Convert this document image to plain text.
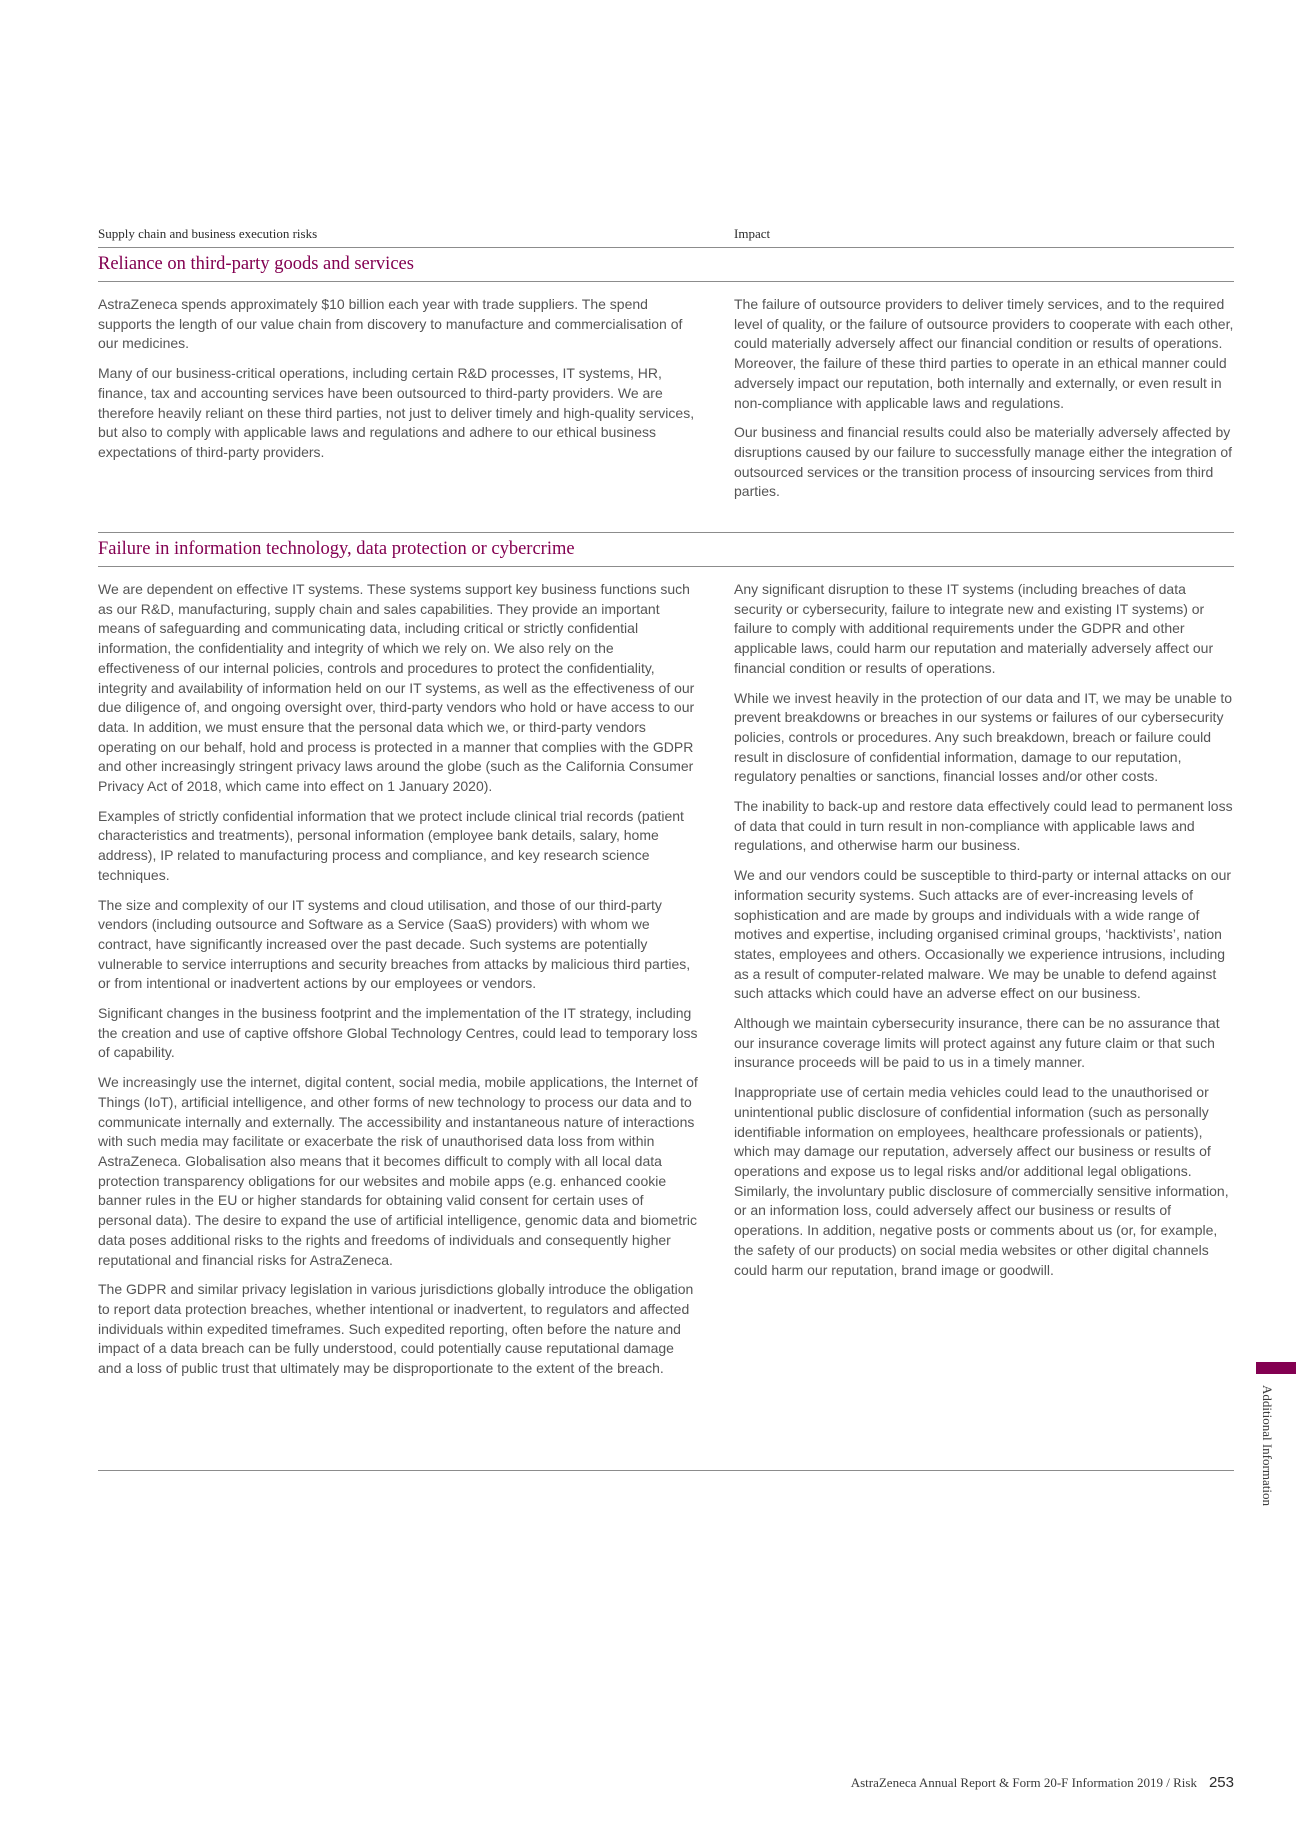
Supply chain and business execution risks	Impact
Reliance on third-party goods and services

AstraZeneca spends approximately $10 billion each year with trade suppliers. The spend supports the length of our value chain from discovery to manufacture and commercialisation of our medicines.

Many of our business-critical operations, including certain R&D processes, IT systems, HR, finance, tax and accounting services have been outsourced to third-party providers. We are therefore heavily reliant on these third parties, not just to deliver timely and high-quality services, but also to comply with applicable laws and regulations and adhere to our ethical business expectations of third-party providers.

The failure of outsource providers to deliver timely services, and to the required level of quality, or the failure of outsource providers to cooperate with each other, could materially adversely affect our financial condition or results of operations. Moreover, the failure of these third parties to operate in an ethical manner could adversely impact our reputation, both internally and externally, or even result in non-compliance with applicable laws and regulations.

Our business and financial results could also be materially adversely affected by disruptions caused by our failure to successfully manage either the integration of outsourced services or the transition process of insourcing services from third parties.

Failure in information technology, data protection or cybercrime

We are dependent on effective IT systems. These systems support key business functions such as our R&D, manufacturing, supply chain and sales capabilities. They provide an important means of safeguarding and communicating data, including critical or strictly confidential information, the confidentiality and integrity of which we rely on. We also rely on the effectiveness of our internal policies, controls and procedures to protect the confidentiality, integrity and availability of information held on our IT systems, as well as the effectiveness of our due diligence of, and ongoing oversight over, third-party vendors who hold or have access to our data. In addition, we must ensure that the personal data which we, or third-party vendors operating on our behalf, hold and process is protected in a manner that complies with the GDPR and other increasingly stringent privacy laws around the globe (such as the California Consumer Privacy Act of 2018, which came into effect on 1 January 2020).

Examples of strictly confidential information that we protect include clinical trial records (patient characteristics and treatments), personal information (employee bank details, salary, home address), IP related to manufacturing process and compliance, and key research science techniques.

The size and complexity of our IT systems and cloud utilisation, and those of our third-party vendors (including outsource and Software as a Service (SaaS) providers) with whom we contract, have significantly increased over the past decade. Such systems are potentially vulnerable to service interruptions and security breaches from attacks by malicious third parties, or from intentional or inadvertent actions by our employees or vendors.

Significant changes in the business footprint and the implementation of the IT strategy, including the creation and use of captive offshore Global Technology Centres, could lead to temporary loss of capability.

We increasingly use the internet, digital content, social media, mobile applications, the Internet of Things (IoT), artificial intelligence, and other forms of new technology to process our data and to communicate internally and externally. The accessibility and instantaneous nature of interactions with such media may facilitate or exacerbate the risk of unauthorised data loss from within AstraZeneca. Globalisation also means that it becomes difficult to comply with all local data protection transparency obligations for our websites and mobile apps (e.g. enhanced cookie banner rules in the EU or higher standards for obtaining valid consent for certain uses of personal data). The desire to expand the use of artificial intelligence, genomic data and biometric data poses additional risks to the rights and freedoms of individuals and consequently higher reputational and financial risks for AstraZeneca.

The GDPR and similar privacy legislation in various jurisdictions globally introduce the obligation to report data protection breaches, whether intentional or inadvertent, to regulators and affected individuals within expedited timeframes. Such expedited reporting, often before the nature and impact of a data breach can be fully understood, could potentially cause reputational damage and a loss of public trust that ultimately may be disproportionate to the extent of the breach.

Any significant disruption to these IT systems (including breaches of data security or cybersecurity, failure to integrate new and existing IT systems) or failure to comply with additional requirements under the GDPR and other applicable laws, could harm our reputation and materially adversely affect our financial condition or results of operations.

While we invest heavily in the protection of our data and IT, we may be unable to prevent breakdowns or breaches in our systems or failures of our cybersecurity policies, controls or procedures. Any such breakdown, breach or failure could result in disclosure of confidential information, damage to our reputation, regulatory penalties or sanctions, financial losses and/or other costs.

The inability to back-up and restore data effectively could lead to permanent loss of data that could in turn result in non-compliance with applicable laws and regulations, and otherwise harm our business.

We and our vendors could be susceptible to third-party or internal attacks on our information security systems. Such attacks are of ever-increasing levels of sophistication and are made by groups and individuals with a wide range of motives and expertise, including organised criminal groups, ‘hacktivists’, nation states, employees and others. Occasionally we experience intrusions, including as a result of computer-related malware. We may be unable to defend against such attacks which could have an adverse effect on our business.

Although we maintain cybersecurity insurance, there can be no assurance that our insurance coverage limits will protect against any future claim or that such insurance proceeds will be paid to us in a timely manner.

Inappropriate use of certain media vehicles could lead to the unauthorised or unintentional public disclosure of confidential information (such as personally identifiable information on employees, healthcare professionals or patients), which may damage our reputation, adversely affect our business or results of operations and expose us to legal risks and/or additional legal obligations. Similarly, the involuntary public disclosure of commercially sensitive information, or an information loss, could adversely affect our business or results of operations. In addition, negative posts or comments about us (or, for example, the safety of our products) on social media websites or other digital channels could harm our reputation, brand image or goodwill.

Additional Information
AstraZeneca Annual Report & Form 20-F Information 2019 / Risk 253
